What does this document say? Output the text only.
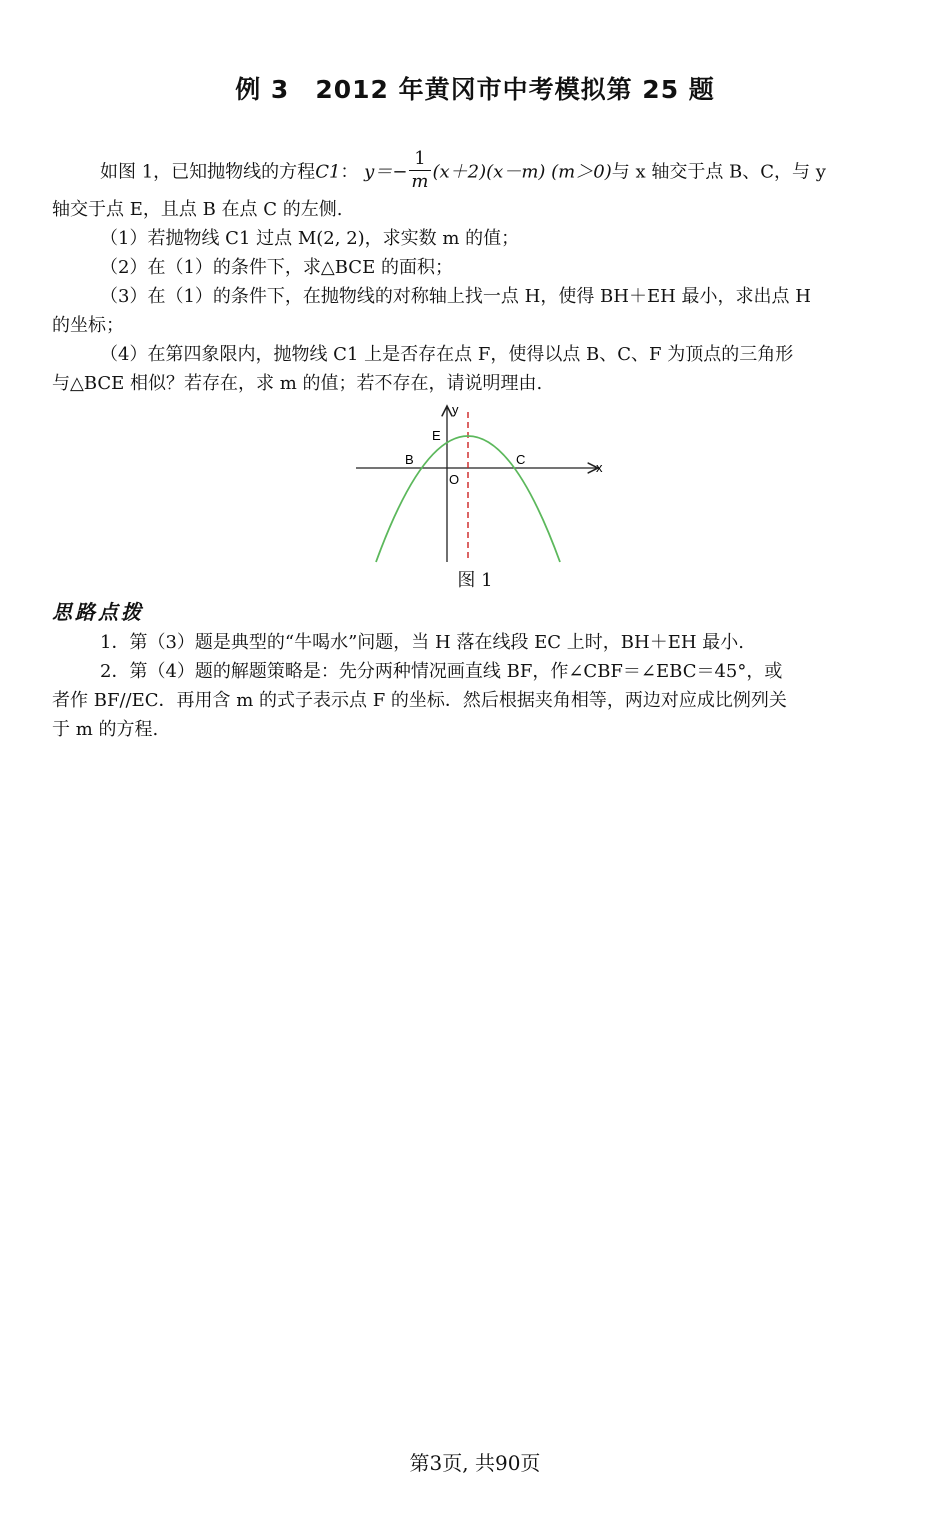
例 3 2012 年黄冈市中考模拟第 25 题
如图 1，已知抛物线的方程C1： $y=- \frac{1}{m} (x+2)(x-m)$ (m＞0)与 x 轴交于点 B、C，与 y
轴交于点 E，且点 B 在点 C 的左侧.
（1）若抛物线 C1 过点 M(2, 2)，求实数 m 的值；
（2）在（1）的条件下，求△BCE 的面积；
（3）在（1）的条件下，在抛物线的对称轴上找一点 H，使得 BH＋EH 最小，求出点 H
的坐标；
（4）在第四象限内，抛物线 C1 上是否存在点 F，使得以点 B、C、F 为顶点的三角形
与△BCE 相似？若存在，求 m 的值；若不存在，请说明理由.
y
x
E
B	C
O
图 1
思路点拨
1．第（3）题是典型的“牛喝水”问题，当 H 落在线段 EC 上时，BH＋EH 最小.
2．第（4）题的解题策略是：先分两种情况画直线 BF，作∠CBF＝∠EBC＝45°，或
者作 BF//EC．再用含 m 的式子表示点 F 的坐标．然后根据夹角相等，两边对应成比例列关
于 m 的方程.
第3页, 共90页
